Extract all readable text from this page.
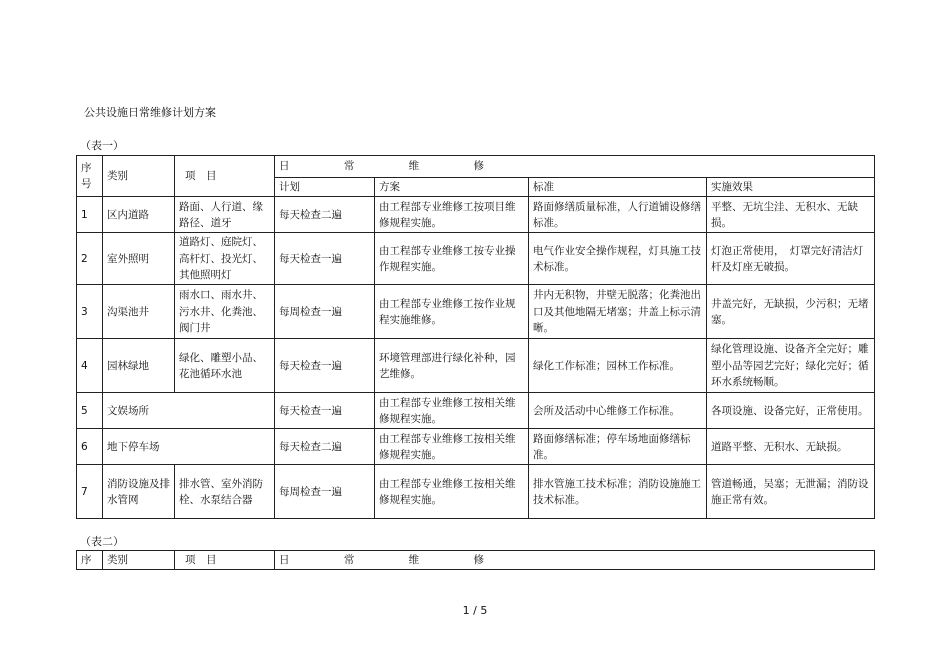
公共设施日常维修计划方案
（表一）
序号	类别	项　目	日 常 维 修			

			计划	方案	标准	实施效果
1	区内道路	路面、人行道、缘路径、道牙	每天检查二遍	由工程部专业维修工按项目维修规程实施。	路面修缮质量标准，人行道铺设修缮标准。	平整、无坑尘洼、无积水、无缺损。
2	室外照明	道路灯、庭院灯、高杆灯、投光灯、其他照明灯	每天检查一遍	由工程部专业维修工按专业操作规程实施。	电气作业安全操作规程，灯具施工技术标准。	灯泡正常使用，　灯罩完好清洁灯杆及灯座无破损。
3	沟渠池井	雨水口、雨水井、污水井、化粪池、阀门井	每周检查一遍	由工程部专业维修工按作业规程实施维修。	井内无积物，井壁无脱落；化粪池出口及其他地隔无堵塞；井盖上标示清晰。	井盖完好，无缺损，少污积；无堵塞。
4	园林绿地	绿化、雕塑小品、花池循环水池	每天检查一遍	环境管理部进行绿化补种，园艺维修。	绿化工作标准；园林工作标准。	绿化管理设施、设备齐全完好；雕塑小品等园艺完好；绿化完好；循环水系统畅顺。
5	文娱场所		每天检查一遍	由工程部专业维修工按相关维修规程实施。	会所及活动中心维修工作标准。	各项设施、设备完好，正常使用。
6	地下停车场		每天检查二遍	由工程部专业维修工按相关维修规程实施。	路面修缮标准；停车场地面修缮标准。	道路平整、无积水、无缺损。
7	消防设施及排水管网	排水管、室外消防栓、水泵结合器	每周检查一遍	由工程部专业维修工按相关维修规程实施。	排水管施工技术标准；消防设施施工技术标准。	管道畅通，吴塞；无泄漏；消防设施正常有效。
（表二）
序	类别	项　目	日	常	维	修
1 / 5
